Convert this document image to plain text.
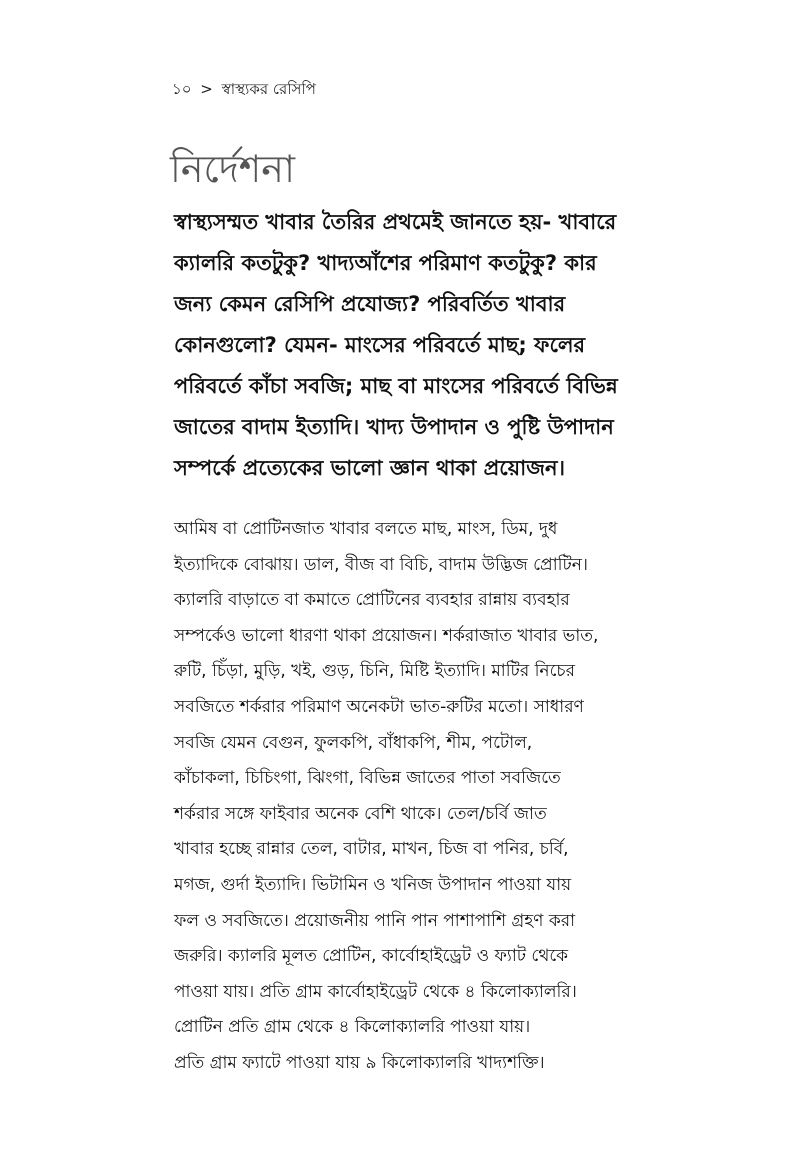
১০ > স্বাস্থ্যকর রেসিপি
নির্দেশনা

স্বাস্থ্যসম্মত খাবার তৈরির প্রথমেই জানতে হয়- খাবারে
ক্যালরি কতটুকু? খাদ্যআঁশের পরিমাণ কতটুকু? কার
জন্য কেমন রেসিপি প্রযোজ্য? পরিবর্তিত খাবার
কোনগুলো? যেমন- মাংসের পরিবর্তে মাছ; ফলের
পরিবর্তে কাঁচা সবজি; মাছ বা মাংসের পরিবর্তে বিভিন্ন
জাতের বাদাম ইত্যাদি। খাদ্য উপাদান ও পুষ্টি উপাদান
সম্পর্কে প্রত্যেকের ভালো জ্ঞান থাকা প্রয়োজন।

আমিষ বা প্রোটিনজাত খাবার বলতে মাছ, মাংস, ডিম, দুধ
ইত্যাদিকে বোঝায়। ডাল, বীজ বা বিচি, বাদাম উদ্ভিজ প্রোটিন।
ক্যালরি বাড়াতে বা কমাতে প্রোটিনের ব্যবহার রান্নায় ব্যবহার
সম্পর্কেও ভালো ধারণা থাকা প্রয়োজন। শর্করাজাত খাবার ভাত,
রুটি, চিঁড়া, মুড়ি, খই, গুড়, চিনি, মিষ্টি ইত্যাদি। মাটির নিচের
সবজিতে শর্করার পরিমাণ অনেকটা ভাত-রুটির মতো। সাধারণ
সবজি যেমন বেগুন, ফুলকপি, বাঁধাকপি, শীম, পটোল,
কাঁচাকলা, চিচিংগা, ঝিংগা, বিভিন্ন জাতের পাতা সবজিতে
শর্করার সঙ্গে ফাইবার অনেক বেশি থাকে। তেল/চর্বি জাত
খাবার হচ্ছে রান্নার তেল, বাটার, মাখন, চিজ বা পনির, চর্বি,
মগজ, গুর্দা ইত্যাদি। ভিটামিন ও খনিজ উপাদান পাওয়া যায়
ফল ও সবজিতে। প্রয়োজনীয় পানি পান পাশাপাশি গ্রহণ করা
জরুরি। ক্যালরি মূলত প্রোটিন, কার্বোহাইড্রেট ও ফ্যাট থেকে
পাওয়া যায়। প্রতি গ্রাম কার্বোহাইড্রেট থেকে ৪ কিলোক্যালরি।
প্রোটিন প্রতি গ্রাম থেকে ৪ কিলোক্যালরি পাওয়া যায়।
প্রতি গ্রাম ফ্যাটে পাওয়া যায় ৯ কিলোক্যালরি খাদ্যশক্তি।
